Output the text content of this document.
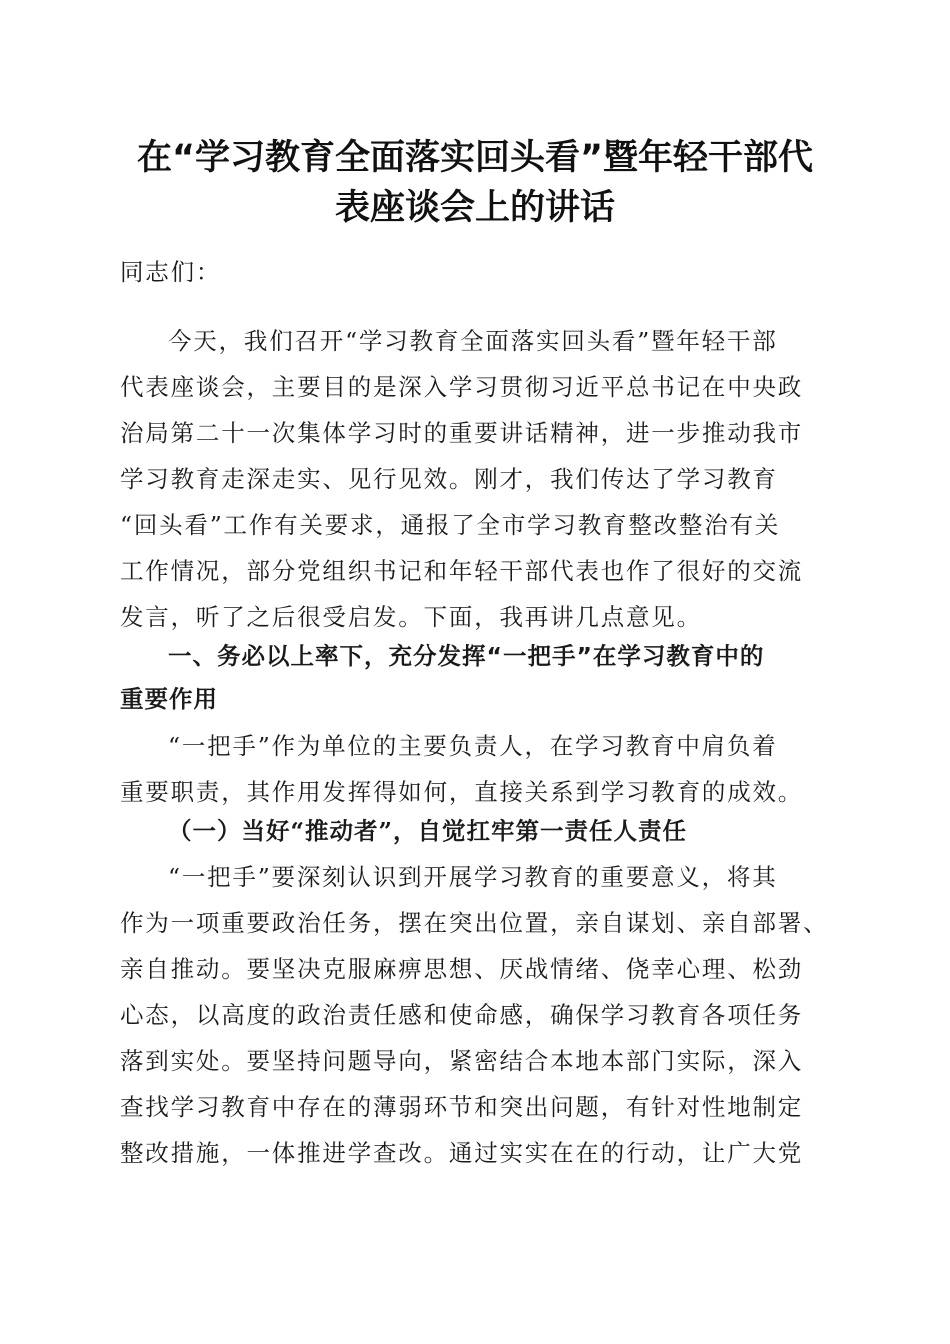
在“学习教育全面落实回头看”暨年轻干部代
表座谈会上的讲话

同志们：

今天，我们召开“学习教育全面落实回头看”暨年轻干部

代表座谈会，主要目的是深入学习贯彻习近平总书记在中央政

治局第二十一次集体学习时的重要讲话精神，进一步推动我市

学习教育走深走实、见行见效。刚才，我们传达了学习教育

“回头看”工作有关要求，通报了全市学习教育整改整治有关

工作情况，部分党组织书记和年轻干部代表也作了很好的交流

发言，听了之后很受启发。下面，我再讲几点意见。

一、务必以上率下，充分发挥“一把手”在学习教育中的

重要作用

“一把手”作为单位的主要负责人，在学习教育中肩负着

重要职责，其作用发挥得如何，直接关系到学习教育的成效。

（一）当好“推动者”，自觉扛牢第一责任人责任

“一把手”要深刻认识到开展学习教育的重要意义，将其

作为一项重要政治任务，摆在突出位置，亲自谋划、亲自部署、

亲自推动。要坚决克服麻痹思想、厌战情绪、侥幸心理、松劲

心态，以高度的政治责任感和使命感，确保学习教育各项任务

落到实处。要坚持问题导向，紧密结合本地本部门实际，深入

查找学习教育中存在的薄弱环节和突出问题，有针对性地制定

整改措施，一体推进学查改。通过实实在在的行动，让广大党
